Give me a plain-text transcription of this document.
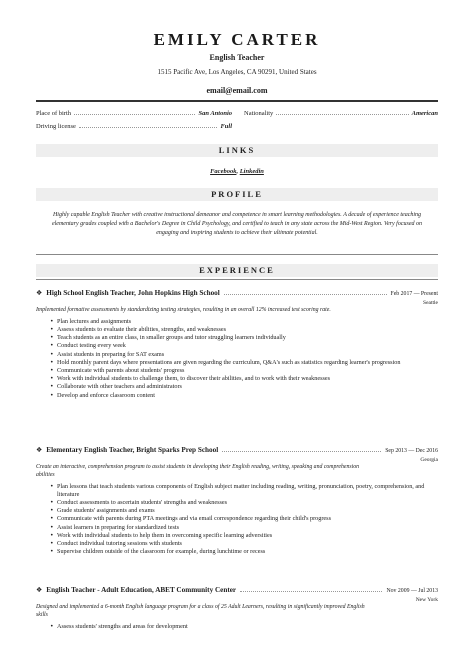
EMILY CARTER
English Teacher
1515 Pacific Ave, Los Angeles, CA 90291, United States
email@email.com
Place of birth	San Antonio Nationality	American
Driving license	Full
LINKS
Facebook, Linkedin
PROFILE
Highly capable English Teacher with creative instructional demeanor and competence in smart learning methodologies. A decade of experience teaching elementary grades coupled with a Bachelor's Degree in Child Psychology, and certified to teach in any state across the Mid-West Region. Very focused on engaging and inspiring students to achieve their ultimate potential.
EXPERIENCE
❖ High School English Teacher, John Hopkins High School	Feb 2017 — Present
Seattle
Implemented formative assessments by standardizing testing strategies, resulting in an overall 12% increased test scoring rate.
• Plan lectures and assignments
• Assess students to evaluate their abilities, strengths, and weaknesses
• Teach students as an entire class, in smaller groups and tutor struggling learners individually
• Conduct testing every week
• Assist students in preparing for SAT exams
• Hold monthly parent days where presentations are given regarding the curriculum, Q&A's such as statistics regarding learner's progression
• Communicate with parents about students' progress
• Work with individual students to challenge them, to discover their abilities, and to work with their weaknesses
• Collaborate with other teachers and administrators
• Develop and enforce classroom content
❖ Elementary English Teacher, Bright Sparks Prep School	Sep 2013 — Dec 2016
Georgia
Create an interactive, comprehension program to assist students in developing their English reading, writing, speaking and comprehension abilities
• Plan lessons that teach students various components of English subject matter including reading, writing, pronunciation, poetry, comprehension, and literature
• Conduct assessments to ascertain students' strengths and weaknesses
• Grade students' assignments and exams
• Communicate with parents during PTA meetings and via email correspondence regarding their child's progress
• Assist learners in preparing for standardized tests
• Work with individual students to help them in overcoming specific learning adversities
• Conduct individual tutoring sessions with students
• Supervise children outside of the classroom for example, during lunchtime or recess
❖ English Teacher - Adult Education, ABET Community Center	Nov 2009 — Jul 2013
New York
Designed and implemented a 6-month English language program for a class of 25 Adult Learners, resulting in significantly improved English skills
• Assess students' strengths and areas for development
